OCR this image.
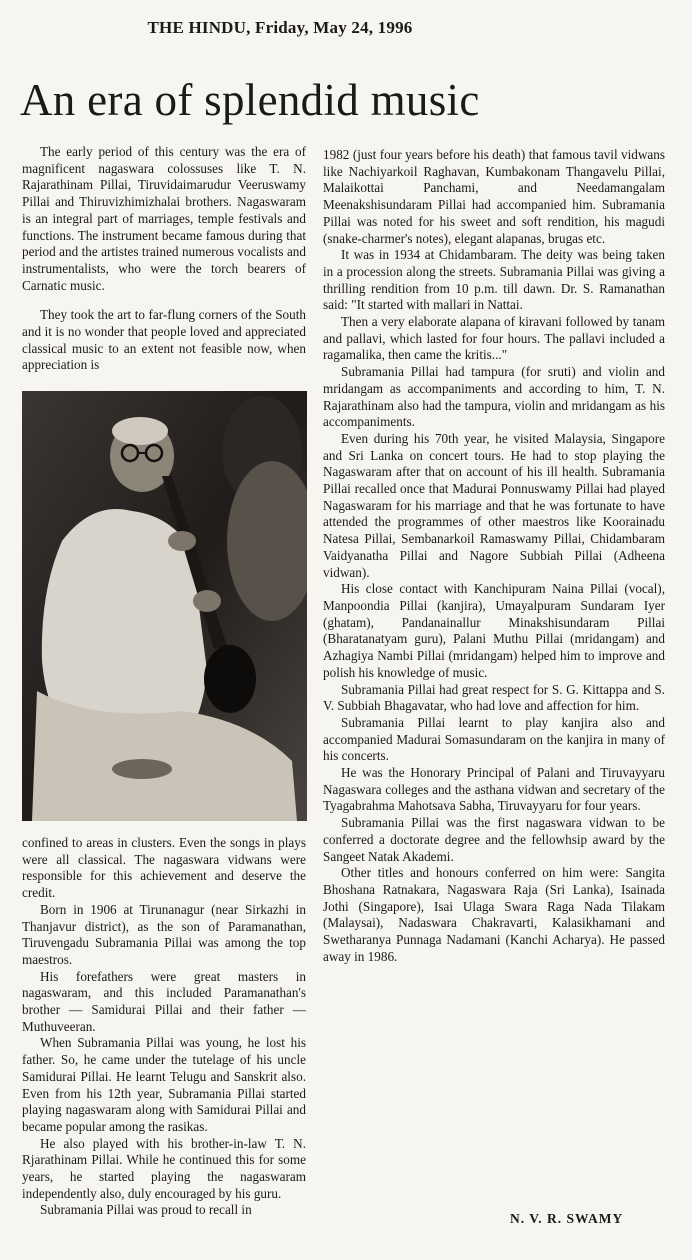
THE HINDU, Friday, May 24, 1996
An era of splendid music

The early period of this century was the era of magnificent nagaswara colossuses like T. N. Rajarathinam Pillai, Tiruvidaimarudur Veeruswamy Pillai and Thiruvizhimizhalai brothers. Nagaswaram is an integral part of marriages, temple festivals and functions. The instrument became famous during that period and the artistes trained numerous vocalists and instrumentalists, who were the torch bearers of Carnatic music.

They took the art to far-flung corners of the South and it is no wonder that people loved and appreciated classical music to an extent not feasible now, when appreciation is

confined to areas in clusters. Even the songs in plays were all classical. The nagaswara vidwans were responsible for this achievement and deserve the credit.

Born in 1906 at Tirunanagur (near Sirkazhi in Thanjavur district), as the son of Paramanathan, Tiruvengadu Subramania Pillai was among the top maestros.

His forefathers were great masters in nagaswaram, and this included Paramanathan's brother — Samidurai Pillai and their father — Muthuveeran.

When Subramania Pillai was young, he lost his father. So, he came under the tutelage of his uncle Samidurai Pillai. He learnt Telugu and Sanskrit also. Even from his 12th year, Subramania Pillai started playing nagaswaram along with Samidurai Pillai and became popular among the rasikas.

He also played with his brother-in-law T. N. Rjarathinam Pillai. While he continued this for some years, he started playing the nagaswaram independently also, duly encouraged by his guru.

Subramania Pillai was proud to recall in

1982 (just four years before his death) that famous tavil vidwans like Nachiyarkoil Raghavan, Kumbakonam Thangavelu Pillai, Malaikottai Panchami, and Needamangalam Meenakshisundaram Pillai had accompanied him. Subramania Pillai was noted for his sweet and soft rendition, his magudi (snake-charmer's notes), elegant alapanas, brugas etc.

It was in 1934 at Chidambaram. The deity was being taken in a procession along the streets. Subramania Pillai was giving a thrilling rendition from 10 p.m. till dawn. Dr. S. Ramanathan said: "It started with mallari in Nattai.

Then a very elaborate alapana of kiravani followed by tanam and pallavi, which lasted for four hours. The pallavi included a ragamalika, then came the kritis..."

Subramania Pillai had tampura (for sruti) and violin and mridangam as accompaniments and according to him, T. N. Rajarathinam also had the tampura, violin and mridangam as his accompaniments.

Even during his 70th year, he visited Malaysia, Singapore and Sri Lanka on concert tours. He had to stop playing the Nagaswaram after that on account of his ill health. Subramania Pillai recalled once that Madurai Ponnuswamy Pillai had played Nagaswaram for his marriage and that he was fortunate to have attended the programmes of other maestros like Koorainadu Natesa Pillai, Sembanarkoil Ramaswamy Pillai, Chidambaram Vaidyanatha Pillai and Nagore Subbiah Pillai (Adheena vidwan).

His close contact with Kanchipuram Naina Pillai (vocal), Manpoondia Pillai (kanjira), Umayalpuram Sundaram Iyer (ghatam), Pandanainallur Minakshisundaram Pillai (Bharatanatyam guru), Palani Muthu Pillai (mridangam) and Azhagiya Nambi Pillai (mridangam) helped him to improve and polish his knowledge of music.

Subramania Pillai had great respect for S. G. Kittappa and S. V. Subbiah Bhagavatar, who had love and affection for him.

Subramania Pillai learnt to play kanjira also and accompanied Madurai Somasundaram on the kanjira in many of his concerts.

He was the Honorary Principal of Palani and Tiruvayyaru Nagaswara colleges and the asthana vidwan and secretary of the Tyagabrahma Mahotsava Sabha, Tiruvayyaru for four years.

Subramania Pillai was the first nagaswara vidwan to be conferred a doctorate degree and the fellowhsip award by the Sangeet Natak Akademi.

Other titles and honours conferred on him were: Sangita Bhoshana Ratnakara, Nagaswara Raja (Sri Lanka), Isainada Jothi (Singapore), Isai Ulaga Swara Raga Nada Tilakam (Malaysai), Nadaswara Chakravarti, Kalasikhamani and Swetharanya Punnaga Nadamani (Kanchi Acharya). He passed away in 1986.

N. V. R. SWAMY
